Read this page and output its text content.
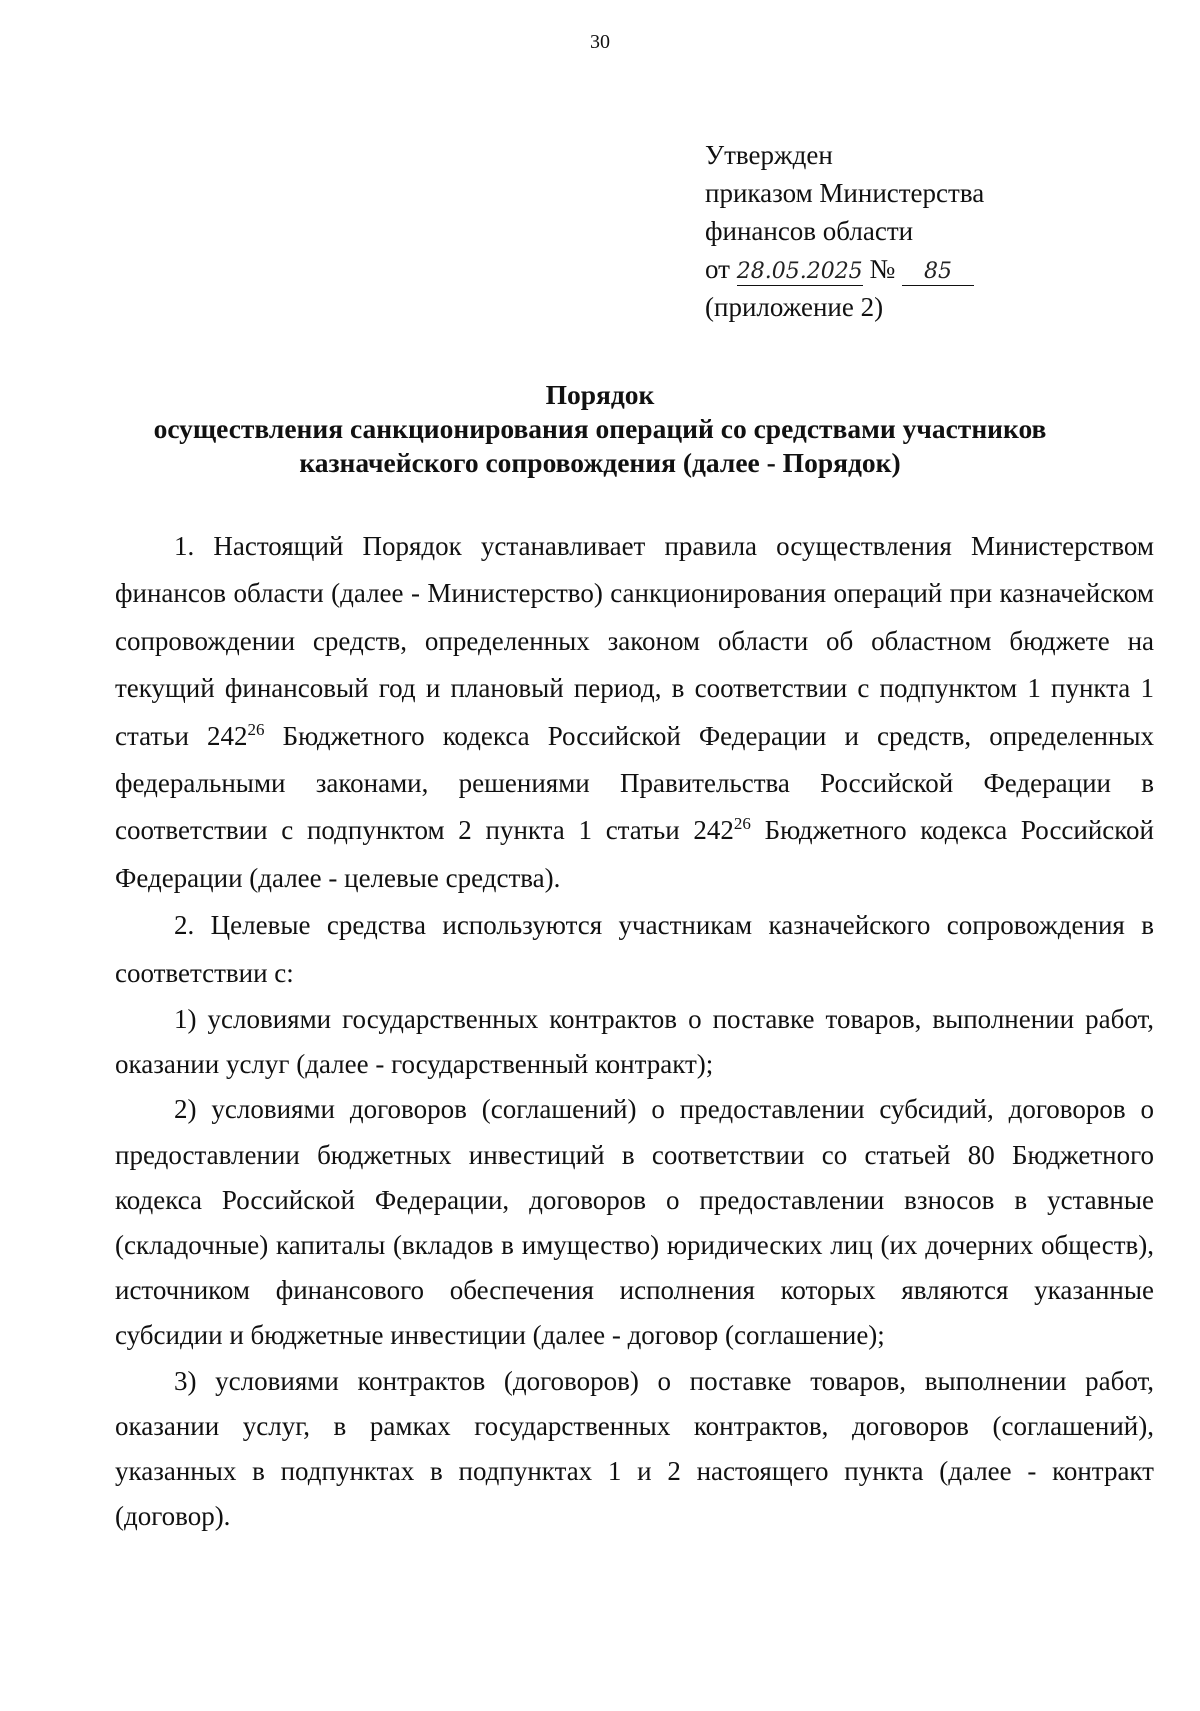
30
Утвержден
приказом Министерства
финансов области
от 28.05.2025 № 85
(приложение 2)
Порядок
осуществления санкционирования операций со средствами участников
казначейского сопровождения (далее - Порядок)

1. Настоящий Порядок устанавливает правила осуществления Министерством финансов области (далее - Министерство) санкционирования операций при казначейском сопровождении средств, определенных законом области об областном бюджете на текущий финансовый год и плановый период, в соответствии с подпунктом 1 пункта 1 статьи $242^{26}$ Бюджетного кодекса Российской Федерации и средств, определенных федеральными законами, решениями Правительства Российской Федерации в соответствии с подпунктом 2 пункта 1 статьи $242^{26}$ Бюджетного кодекса Российской Федерации (далее - целевые средства).

2. Целевые средства используются участникам казначейского сопровождения в соответствии с:

1) условиями государственных контрактов о поставке товаров, выполнении работ, оказании услуг (далее - государственный контракт);

2) условиями договоров (соглашений) о предоставлении субсидий, договоров о предоставлении бюджетных инвестиций в соответствии со статьей 80 Бюджетного кодекса Российской Федерации, договоров о предоставлении взносов в уставные (складочные) капиталы (вкладов в имущество) юридических лиц (их дочерних обществ), источником финансового обеспечения исполнения которых являются указанные субсидии и бюджетные инвестиции (далее - договор (соглашение);

3) условиями контрактов (договоров) о поставке товаров, выполнении работ, оказании услуг, в рамках государственных контрактов, договоров (соглашений), указанных в подпунктах в подпунктах 1 и 2 настоящего пункта (далее - контракт (договор).
